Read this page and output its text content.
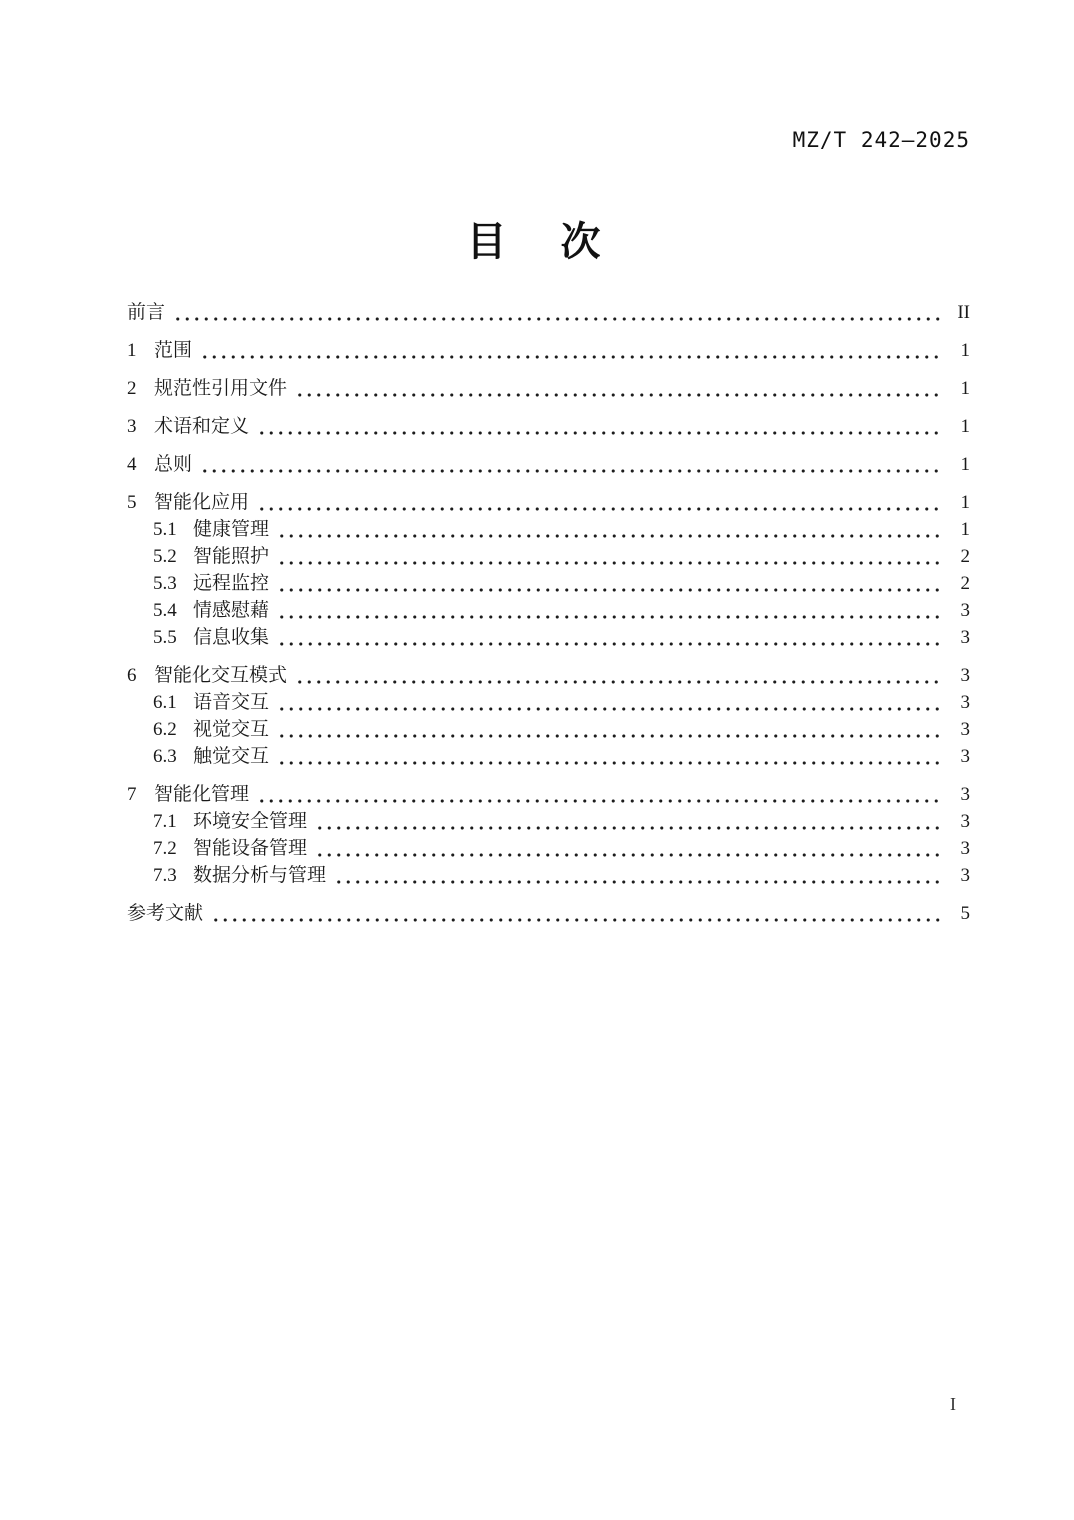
MZ/T 242—2025
目　次
前言	II
1 范围	1
2 规范性引用文件	1
3 术语和定义	1
4 总则	1
5 智能化应用	1
5.1 健康管理	1
5.2 智能照护	2
5.3 远程监控	2
5.4 情感慰藉	3
5.5 信息收集	3
6 智能化交互模式	3
6.1 语音交互	3
6.2 视觉交互	3
6.3 触觉交互	3
7 智能化管理	3
7.1 环境安全管理	3
7.2 智能设备管理	3
7.3 数据分析与管理	3
参考文献	5
I
